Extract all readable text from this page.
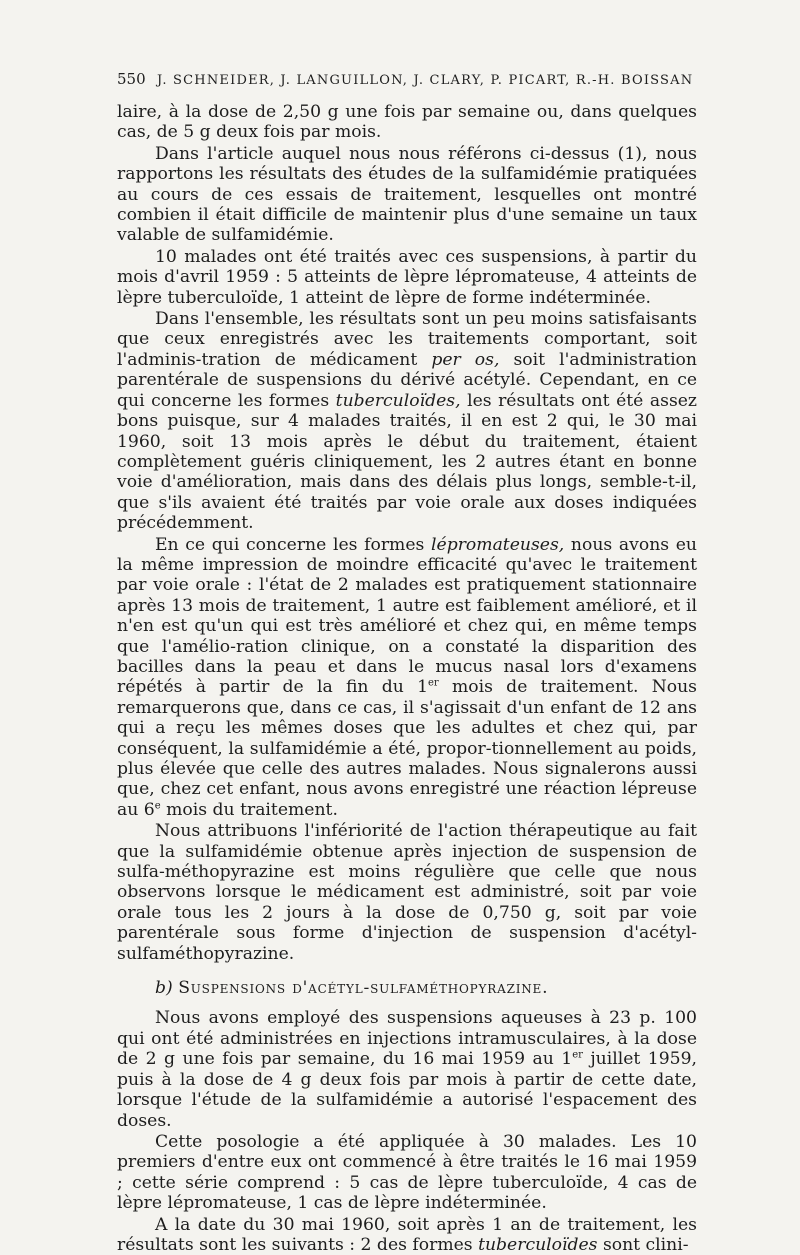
550 J. SCHNEIDER, J. LANGUILLON, J. CLARY, P. PICART, R.-H. BOISSAN

laire, à la dose de 2,50 g une fois par semaine ou, dans quelques cas, de 5 g deux fois par mois.

Dans l'article auquel nous nous référons ci-dessus (1), nous rapportons les résultats des études de la sulfamidémie pratiquées au cours de ces essais de traitement, lesquelles ont montré combien il était difficile de maintenir plus d'une semaine un taux valable de sulfamidémie.

10 malades ont été traités avec ces suspensions, à partir du mois d'avril 1959 : 5 atteints de lèpre lépromateuse, 4 atteints de lèpre tuberculoïde, 1 atteint de lèpre de forme indéterminée.

Dans l'ensemble, les résultats sont un peu moins satisfaisants que ceux enregistrés avec les traitements comportant, soit l'adminis-tration de médicament per os, soit l'administration parentérale de suspensions du dérivé acétylé. Cependant, en ce qui concerne les formes tuberculoïdes, les résultats ont été assez bons puisque, sur 4 malades traités, il en est 2 qui, le 30 mai 1960, soit 13 mois après le début du traitement, étaient complètement guéris cliniquement, les 2 autres étant en bonne voie d'amélioration, mais dans des délais plus longs, semble-t-il, que s'ils avaient été traités par voie orale aux doses indiquées précédemment.

En ce qui concerne les formes lépromateuses, nous avons eu la même impression de moindre efficacité qu'avec le traitement par voie orale : l'état de 2 malades est pratiquement stationnaire après 13 mois de traitement, 1 autre est faiblement amélioré, et il n'en est qu'un qui est très amélioré et chez qui, en même temps que l'amélio-ration clinique, on a constaté la disparition des bacilles dans la peau et dans le mucus nasal lors d'examens répétés à partir de la fin du 1er mois de traitement. Nous remarquerons que, dans ce cas, il s'agissait d'un enfant de 12 ans qui a reçu les mêmes doses que les adultes et chez qui, par conséquent, la sulfamidémie a été, propor-tionnellement au poids, plus élevée que celle des autres malades. Nous signalerons aussi que, chez cet enfant, nous avons enregistré une réaction lépreuse au 6e mois du traitement.

Nous attribuons l'infériorité de l'action thérapeutique au fait que la sulfamidémie obtenue après injection de suspension de sulfa-méthopyrazine est moins régulière que celle que nous observons lorsque le médicament est administré, soit par voie orale tous les 2 jours à la dose de 0,750 g, soit par voie parentérale sous forme d'injection de suspension d'acétyl-sulfaméthopyrazine.

b) Suspensions d'acétyl-sulfaméthopyrazine.

Nous avons employé des suspensions aqueuses à 23 p. 100 qui ont été administrées en injections intramusculaires, à la dose de 2 g une fois par semaine, du 16 mai 1959 au 1er juillet 1959, puis à la dose de 4 g deux fois par mois à partir de cette date, lorsque l'étude de la sulfamidémie a autorisé l'espacement des doses.

Cette posologie a été appliquée à 30 malades. Les 10 premiers d'entre eux ont commencé à être traités le 16 mai 1959 ; cette série comprend : 5 cas de lèpre tuberculoïde, 4 cas de lèpre lépromateuse, 1 cas de lèpre indéterminée.

A la date du 30 mai 1960, soit après 1 an de traitement, les résultats sont les suivants : 2 des formes tuberculoïdes sont clini-
